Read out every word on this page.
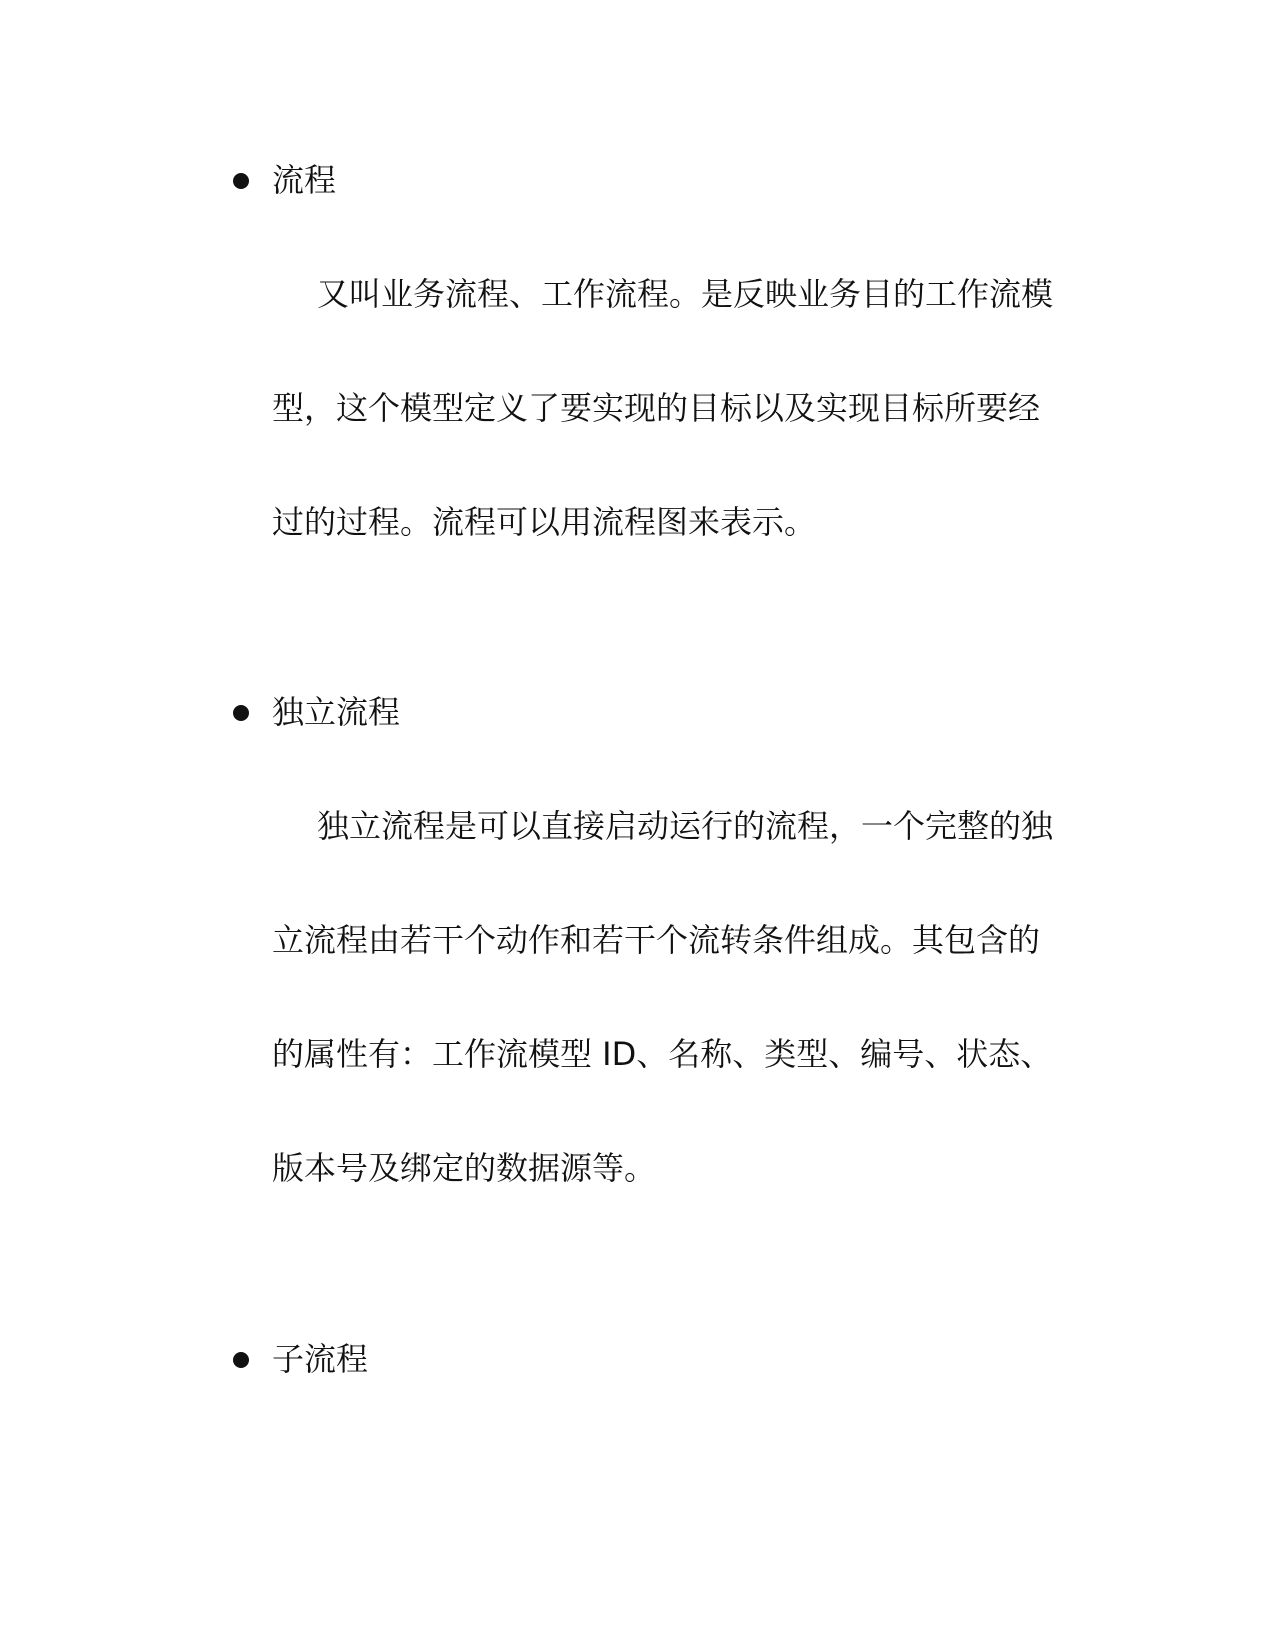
流程
又叫业务流程、工作流程。是反映业务目的工作流模
型，这个模型定义了要实现的目标以及实现目标所要经
过的过程。流程可以用流程图来表示。
独立流程
独立流程是可以直接启动运行的流程，一个完整的独
立流程由若干个动作和若干个流转条件组成。其包含的
的属性有：工作流模型 ID、名称、类型、编号、状态、
版本号及绑定的数据源等。
子流程
